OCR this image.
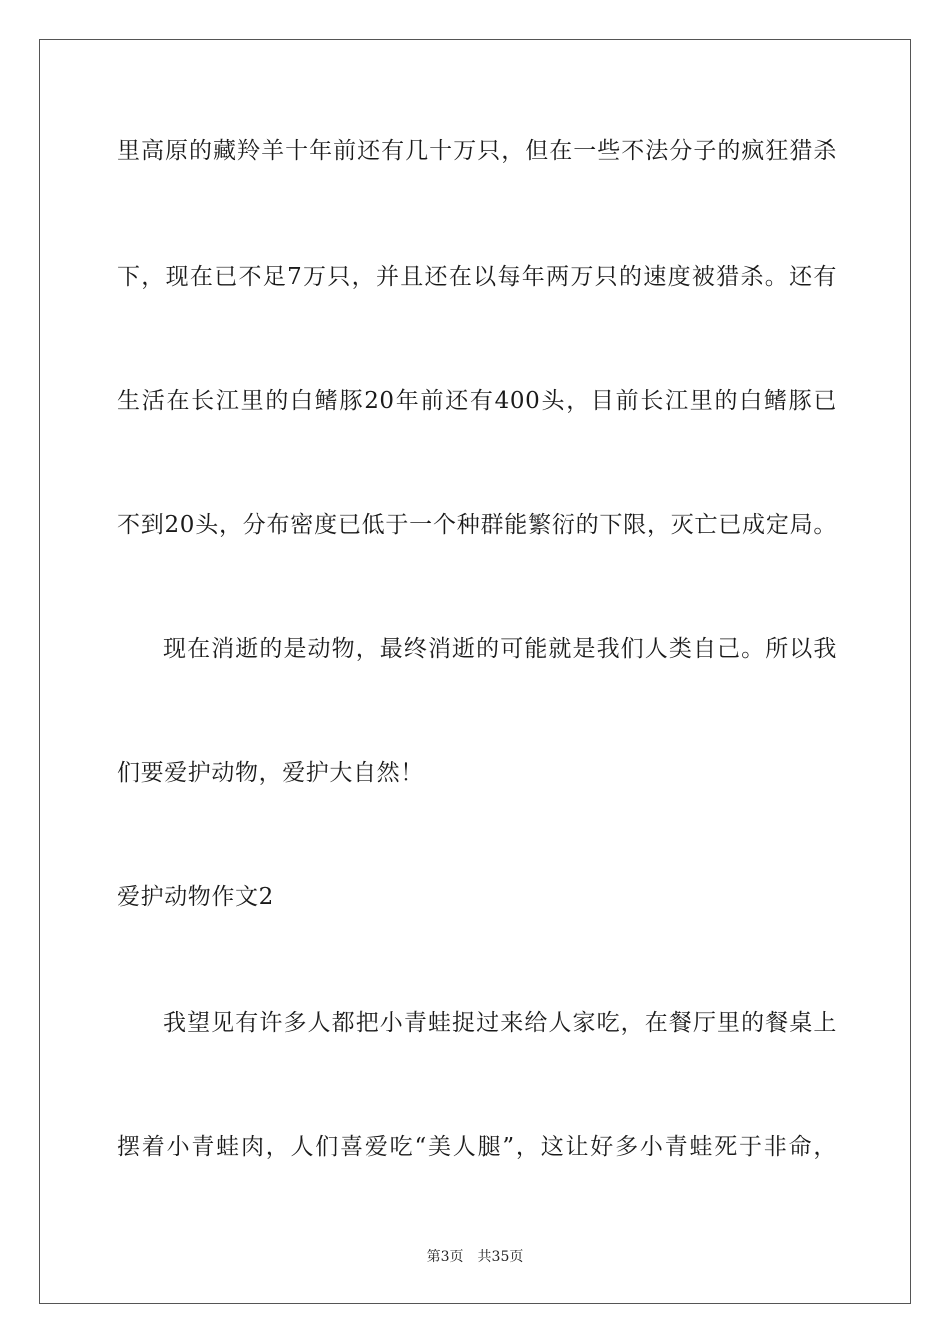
里高原的藏羚羊十年前还有几十万只，但在一些不法分子的疯狂猎杀
下，现在已不足7万只，并且还在以每年两万只的速度被猎杀。还有
生活在长江里的白鳍豚20年前还有400头，目前长江里的白鳍豚已
不到20头，分布密度已低于一个种群能繁衍的下限，灭亡已成定局。
现在消逝的是动物，最终消逝的可能就是我们人类自己。所以我
们要爱护动物，爱护大自然！
爱护动物作文2
我望见有许多人都把小青蛙捉过来给人家吃，在餐厅里的餐桌上
摆着小青蛙肉，人们喜爱吃“美人腿”，这让好多小青蛙死于非命，
第3页 共35页
